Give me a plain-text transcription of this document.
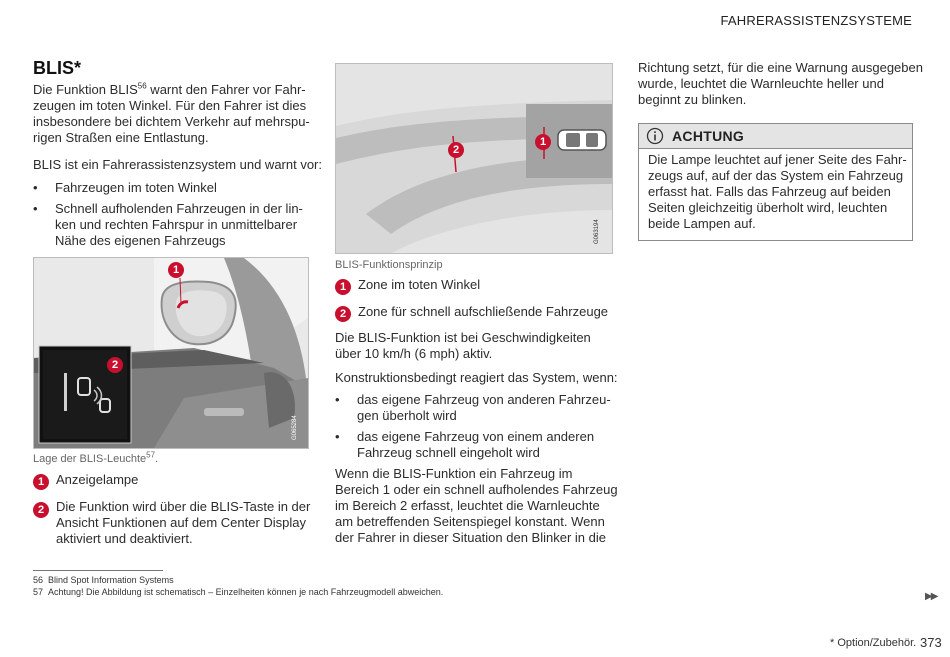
FAHRERASSISTENZSYSTEME
BLIS*
Die Funktion BLIS$^{56}$ warnt den Fahrer vor Fahr-
zeugen im toten Winkel. Für den Fahrer ist dies
insbesondere bei dichtem Verkehr auf mehrspu-
rigen Straßen eine Entlastung.
BLIS ist ein Fahrerassistenzsystem und warnt vor:
• Fahrzeugen im toten Winkel
• Schnell aufholenden Fahrzeugen in der lin-
ken und rechten Fahrspur in unmittelbarer
Nähe des eigenen Fahrzeugs
1
2
G065284
Lage der BLIS-Leuchte$^{57}$.
1 Anzeigelampe
2 Die Funktion wird über die BLIS-Taste in der
Ansicht Funktionen auf dem Center Display
aktiviert und deaktiviert.
1
2
G063194
BLIS-Funktionsprinzip
1 Zone im toten Winkel
2 Zone für schnell aufschließende Fahrzeuge
Die BLIS-Funktion ist bei Geschwindigkeiten
über 10 km/h (6 mph) aktiv.
Konstruktionsbedingt reagiert das System, wenn:
• das eigene Fahrzeug von anderen Fahrzeu-
gen überholt wird
• das eigene Fahrzeug von einem anderen
Fahrzeug schnell eingeholt wird
Wenn die BLIS-Funktion ein Fahrzeug im
Bereich 1 oder ein schnell aufholendes Fahrzeug
im Bereich 2 erfasst, leuchtet die Warnleuchte
am betreffenden Seitenspiegel konstant. Wenn
der Fahrer in dieser Situation den Blinker in die
Richtung setzt, für die eine Warnung ausgegeben
wurde, leuchtet die Warnleuchte heller und
beginnt zu blinken.
ACHTUNG
Die Lampe leuchtet auf jener Seite des Fahr-
zeugs auf, auf der das System ein Fahrzeug
erfasst hat. Falls das Fahrzeug auf beiden
Seiten gleichzeitig überholt wird, leuchten
beide Lampen auf.
56 Blind Spot Information Systems
57 Achtung! Die Abbildung ist schematisch – Einzelheiten können je nach Fahrzeugmodell abweichen.	▶▶
* Option/Zubehör. 373
